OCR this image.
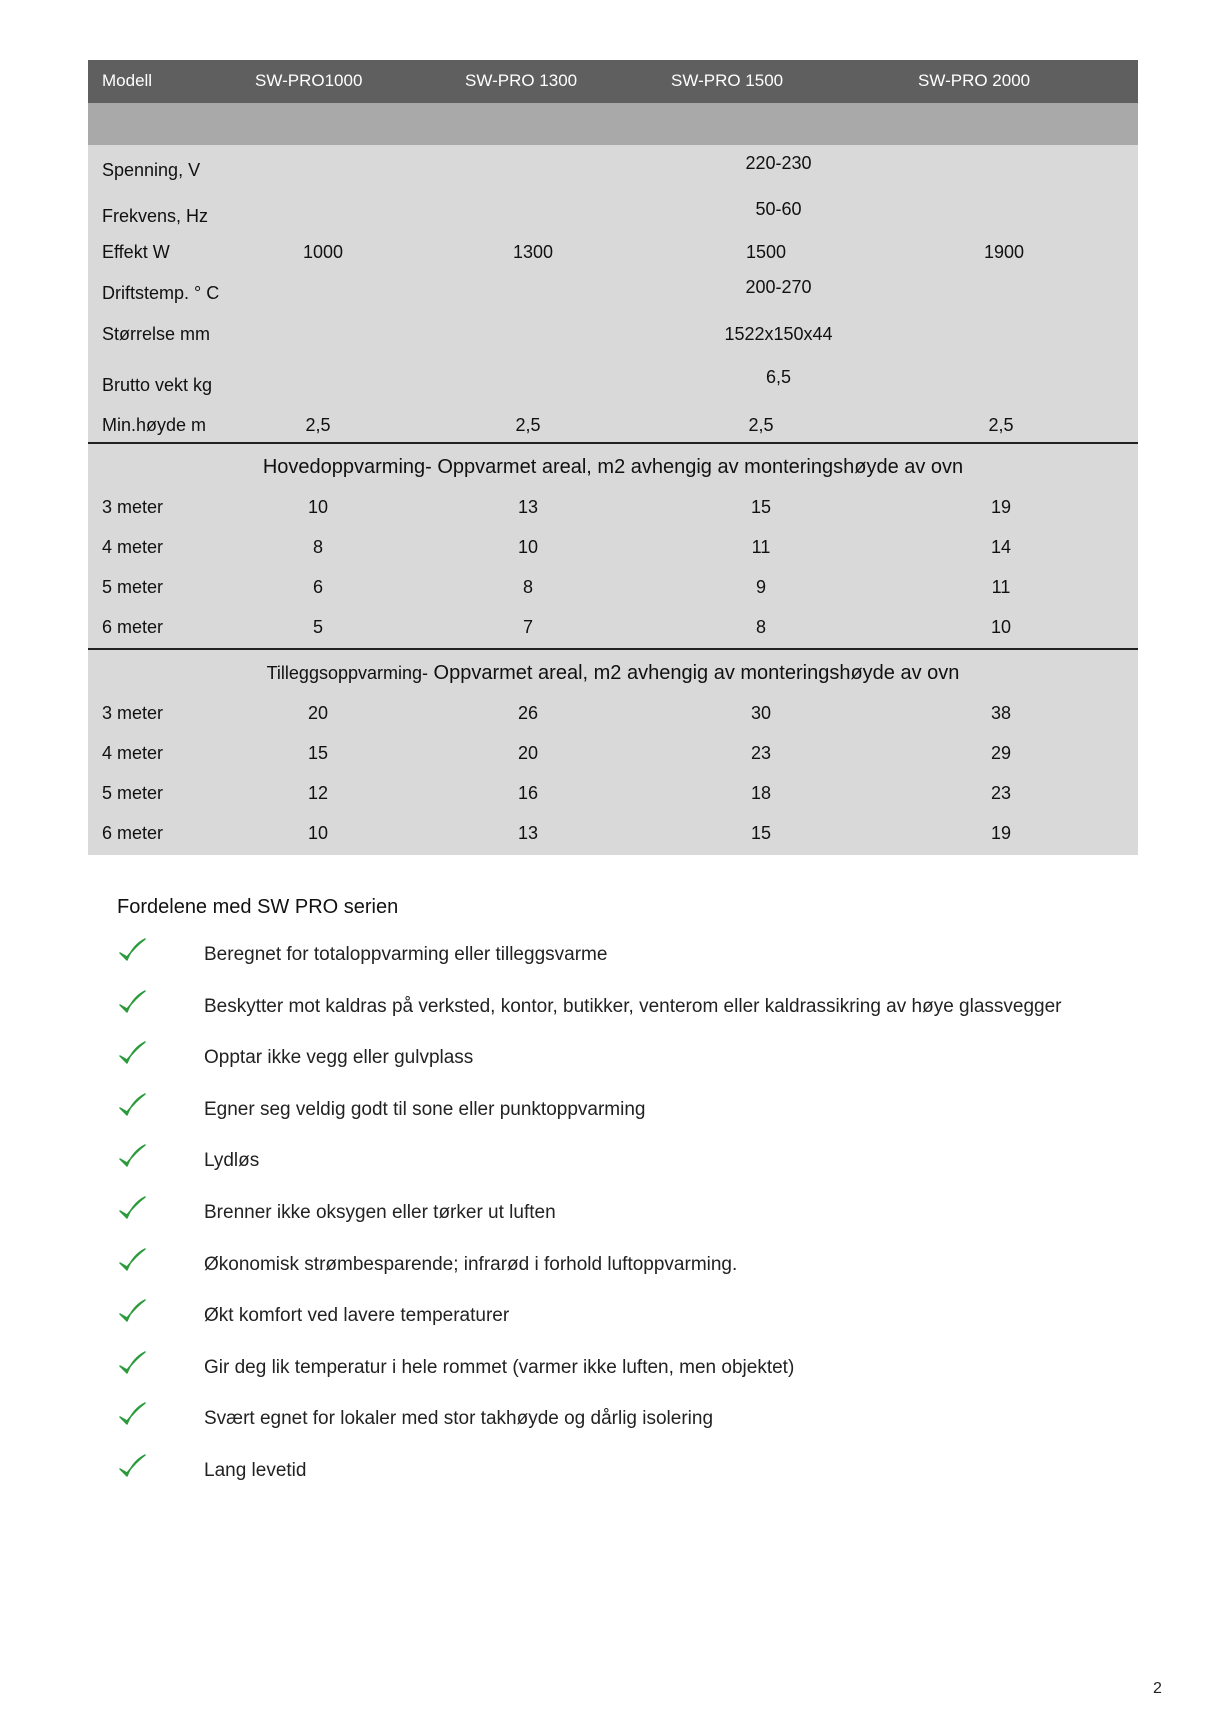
Modell	SW-PRO1000	SW-PRO 1300	SW-PRO 1500	SW-PRO 2000
Spenning, V	220-230
Frekvens, Hz	50-60
Effekt W	1000	1300	1500	1900
Driftstemp. ° C	200-270
Størrelse mm	1522x150x44
Brutto vekt kg	6,5
Min.høyde m	2,5	2,5	2,5	2,5
Hovedoppvarming- Oppvarmet areal, m2 avhengig av monteringshøyde av ovn
3 meter	10	13	15	19
4 meter	8	10	11	14
5 meter	6	8	9	11
6 meter	5	7	8	10
Tilleggsoppvarming- Oppvarmet areal, m2 avhengig av monteringshøyde av ovn
3 meter	20	26	30	38
4 meter	15	20	23	29
5 meter	12	16	18	23
6 meter	10	13	15	19
Fordelene med SW PRO serien
Beregnet for totaloppvarming eller tilleggsvarme
Beskytter mot kaldras på verksted, kontor, butikker, venterom eller kaldrassikring av høye glassvegger
Opptar ikke vegg eller gulvplass
Egner seg veldig godt til sone eller punktoppvarming
Lydløs
Brenner ikke oksygen eller tørker ut luften
Økonomisk strømbesparende; infrarød i forhold luftoppvarming.
Økt komfort ved lavere temperaturer
Gir deg lik temperatur i hele rommet (varmer ikke luften, men objektet)
Svært egnet for lokaler med stor takhøyde og dårlig isolering
Lang levetid
2
